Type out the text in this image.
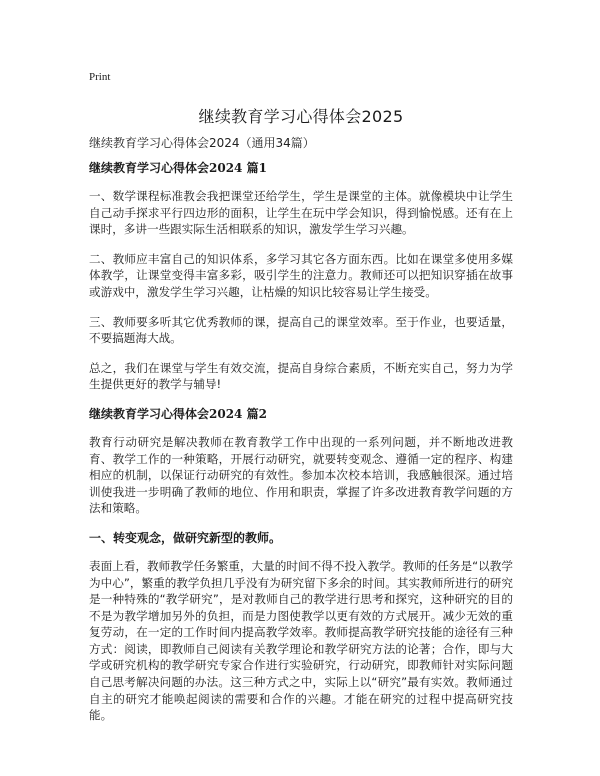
Print
继续教育学习心得体会2025
继续教育学习心得体会2024（通用34篇）
继续教育学习心得体会2024 篇1
一、数学课程标准教会我把课堂还给学生，学生是课堂的主体。就像模块中让学生自己动手探求平行四边形的面积，让学生在玩中学会知识，得到愉悦感。还有在上课时，多讲一些跟实际生活相联系的知识，激发学生学习兴趣。
二、教师应丰富自己的知识体系，多学习其它各方面东西。比如在课堂多使用多媒体教学，让课堂变得丰富多彩，吸引学生的注意力。教师还可以把知识穿插在故事或游戏中，激发学生学习兴趣，让枯燥的知识比较容易让学生接受。
三、教师要多听其它优秀教师的课，提高自己的课堂效率。至于作业，也要适量，不要搞题海大战。
总之，我们在课堂与学生有效交流，提高自身综合素质，不断充实自己，努力为学生提供更好的教学与辅导!
继续教育学习心得体会2024 篇2
教育行动研究是解决教师在教育教学工作中出现的一系列问题，并不断地改进教育、教学工作的一种策略，开展行动研究，就要转变观念、遵循一定的程序、构建相应的机制，以保证行动研究的有效性。参加本次校本培训，我感触很深。通过培训使我进一步明确了教师的地位、作用和职责，掌握了许多改进教育教学问题的方法和策略。
一、转变观念，做研究新型的教师。
表面上看，教师教学任务繁重，大量的时间不得不投入教学。教师的任务是“以教学为中心”，繁重的教学负担几乎没有为研究留下多余的时间。其实教师所进行的研究是一种特殊的“教学研究”，是对教师自己的教学进行思考和探究，这种研究的目的不是为教学增加另外的负担，而是力图使教学以更有效的方式展开。减少无效的重复劳动，在一定的工作时间内提高教学效率。教师提高教学研究技能的途径有三种方式：阅读，即教师自己阅读有关教学理论和教学研究方法的论著；合作，即与大学或研究机构的教学研究专家合作进行实验研究，行动研究，即教师针对实际问题自己思考解决问题的办法。这三种方式之中，实际上以“研究”最有实效。教师通过自主的研究才能唤起阅读的需要和合作的兴趣。才能在研究的过程中提高研究技能。
